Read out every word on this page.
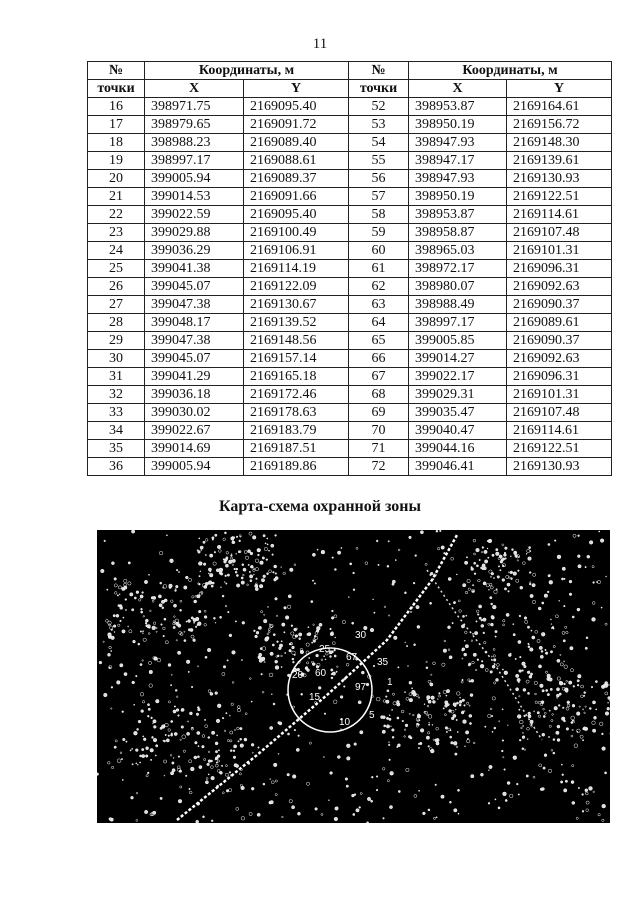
11
№	Координаты, м		№	Координаты, м	
точки	X	Y	точки	X	Y
16	398971.75	2169095.40	52	398953.87	2169164.61
17	398979.65	2169091.72	53	398950.19	2169156.72
18	398988.23	2169089.40	54	398947.93	2169148.30
19	398997.17	2169088.61	55	398947.17	2169139.61
20	399005.94	2169089.37	56	398947.93	2169130.93
21	399014.53	2169091.66	57	398950.19	2169122.51
22	399022.59	2169095.40	58	398953.87	2169114.61
23	399029.88	2169100.49	59	398958.87	2169107.48
24	399036.29	2169106.91	60	398965.03	2169101.31
25	399041.38	2169114.19	61	398972.17	2169096.31
26	399045.07	2169122.09	62	398980.07	2169092.63
27	399047.38	2169130.67	63	398988.49	2169090.37
28	399048.17	2169139.52	64	398997.17	2169089.61
29	399047.38	2169148.56	65	399005.85	2169090.37
30	399045.07	2169157.14	66	399014.27	2169092.63
31	399041.29	2169165.18	67	399022.17	2169096.31
32	399036.18	2169172.46	68	399029.31	2169101.31
33	399030.02	2169178.63	69	399035.47	2169107.48
34	399022.67	2169183.79	70	399040.47	2169114.61
35	399014.69	2169187.51	71	399044.16	2169122.51
36	399005.94	2169189.86	72	399046.41	2169130.93
Карта-схема охранной зоны
30
25
20 60
97
67 35
1
15
10
5
